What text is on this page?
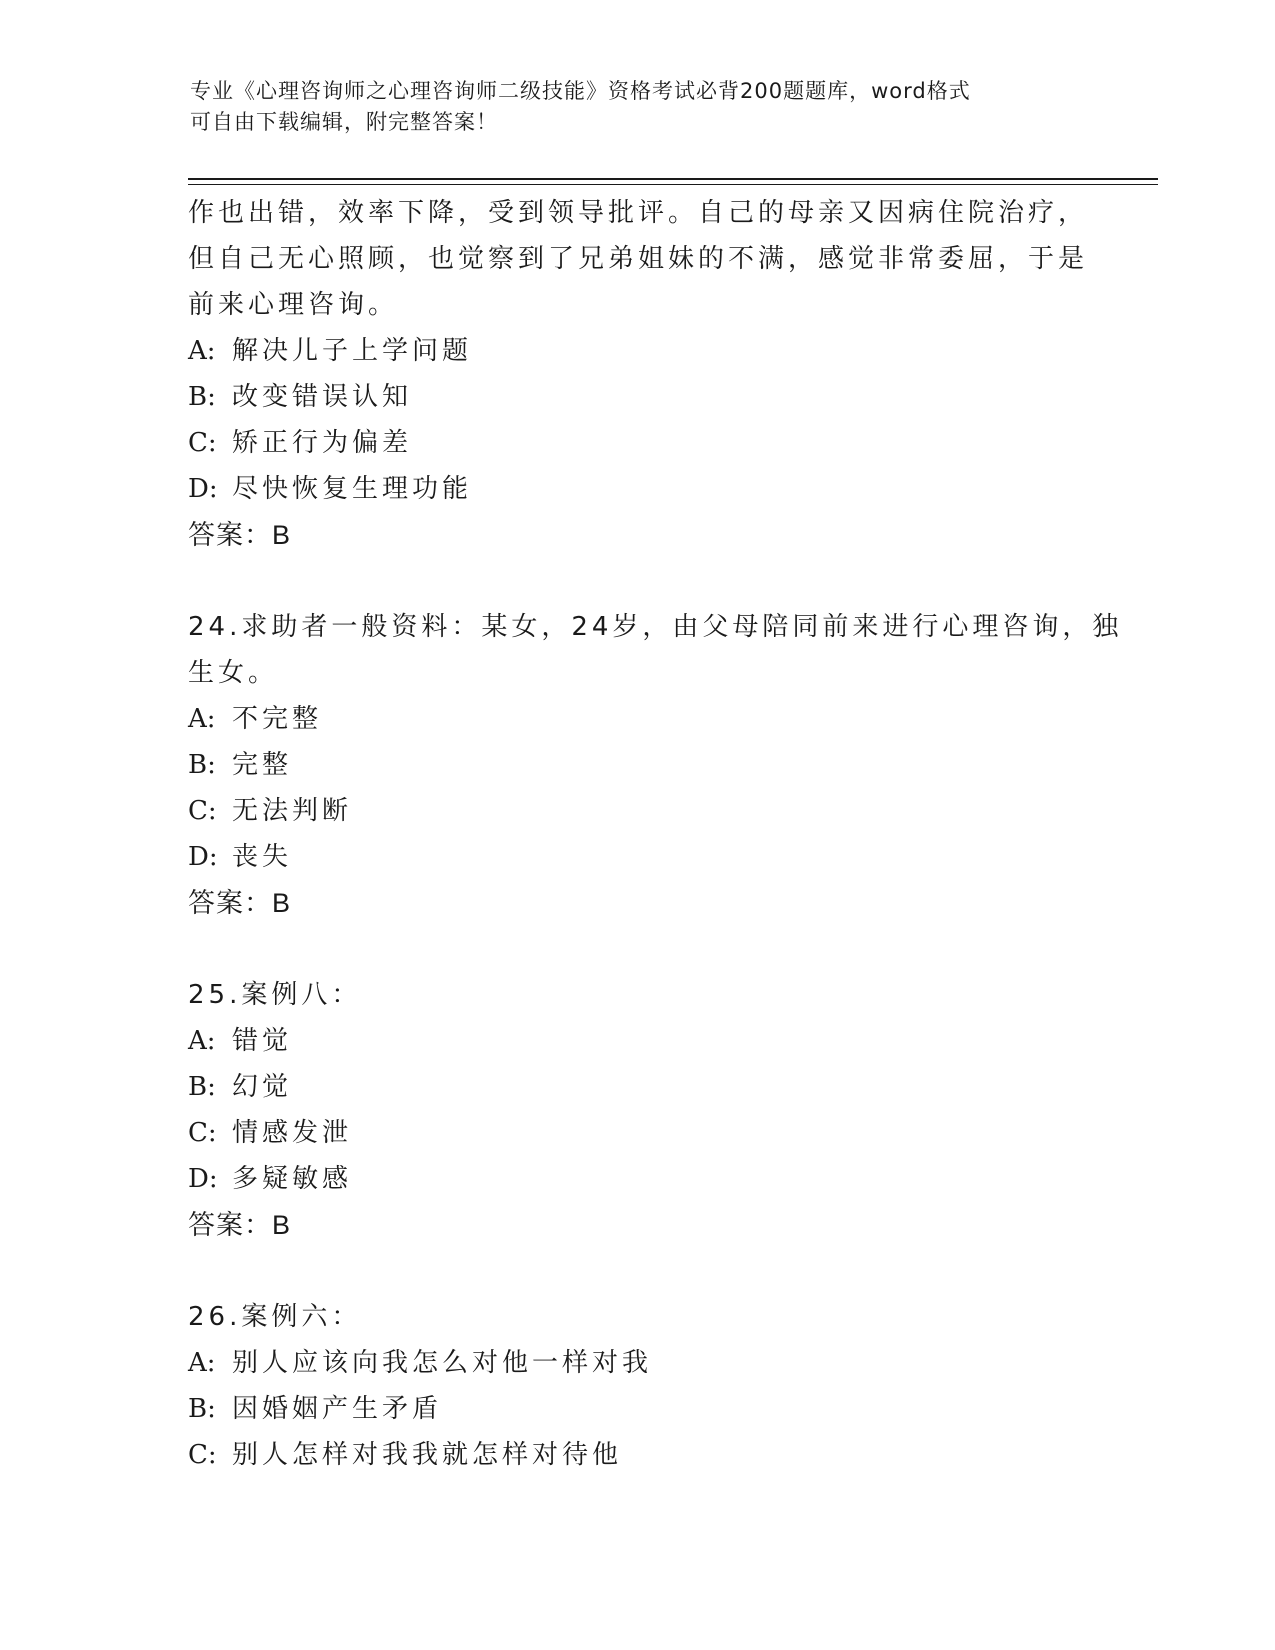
专业《心理咨询师之心理咨询师二级技能》资格考试必背200题题库，word格式

可自由下载编辑，附完整答案！

作也出错，效率下降，受到领导批评。自己的母亲又因病住院治疗，
但自己无心照顾，也觉察到了兄弟姐妹的不满，感觉非常委屈，于是
前来心理咨询。
A: 解决儿子上学问题
B: 改变错误认知
C: 矫正行为偏差
D: 尽快恢复生理功能
答案：B
24.求助者一般资料：某女，24岁，由父母陪同前来进行心理咨询，独
生女。
A: 不完整
B: 完整
C: 无法判断
D: 丧失
答案：B
25.案例八：
A: 错觉
B: 幻觉
C: 情感发泄
D: 多疑敏感
答案：B
26.案例六：
A: 别人应该向我怎么对他一样对我
B: 因婚姻产生矛盾
C: 别人怎样对我我就怎样对待他
